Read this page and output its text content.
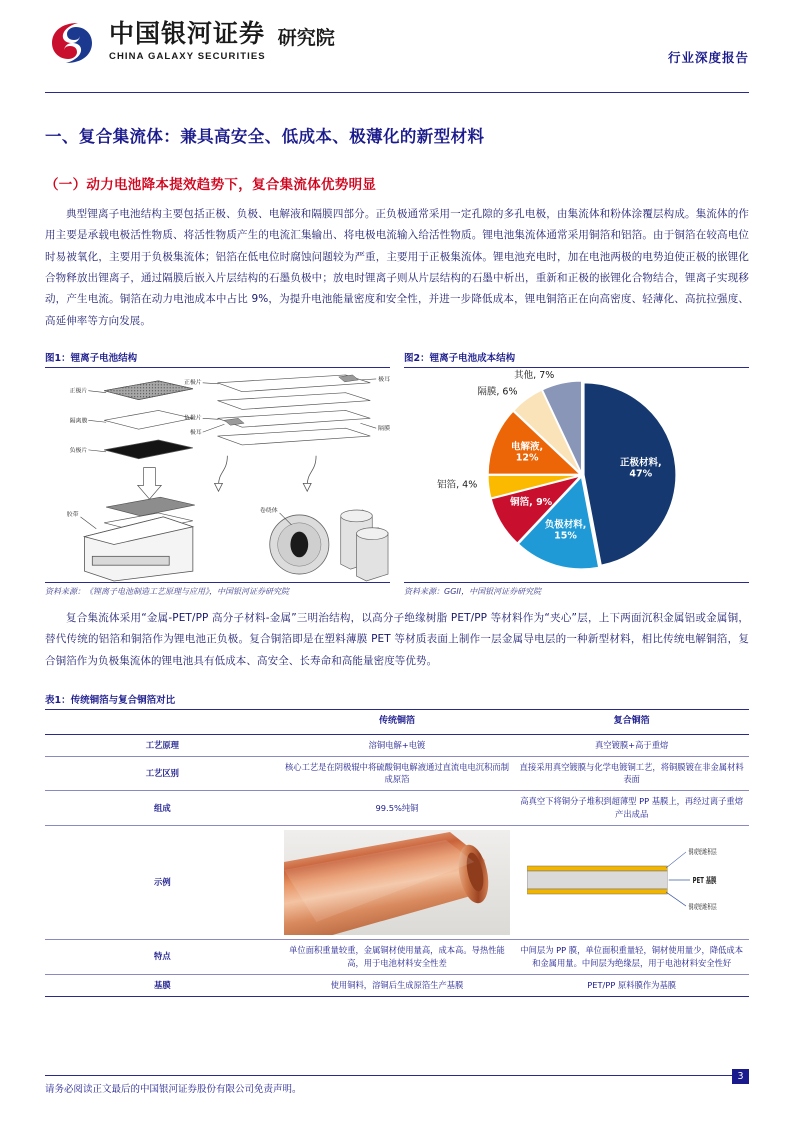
中国银河证券
CHINA GALAXY SECURITIES
研究院
行业深度报告
一、复合集流体：兼具高安全、低成本、极薄化的新型材料
（一）动力电池降本提效趋势下，复合集流体优势明显

典型锂离子电池结构主要包括正极、负极、电解液和隔膜四部分。正负极通常采用一定孔隙的多孔电极，由集流体和粉体涂覆层构成。集流体的作用主要是承载电极活性物质、将活性物质产生的电流汇集输出、将电极电流输入给活性物质。锂电池集流体通常采用铜箔和铝箔。由于铜箔在较高电位时易被氧化，主要用于负极集流体；铝箔在低电位时腐蚀问题较为严重，主要用于正极集流体。锂电池充电时，加在电池两极的电势迫使正极的嵌锂化合物释放出锂离子，通过隔膜后嵌入片层结构的石墨负极中；放电时锂离子则从片层结构的石墨中析出，重新和正极的嵌锂化合物结合，锂离子实现移动，产生电流。铜箔在动力电池成本中占比 9%，为提升电池能量密度和安全性，并进一步降低成本，锂电铜箔正在向高密度、轻薄化、高抗拉强度、高延伸率等方向发展。

图1：锂离子电池结构
正极片
隔离膜
负极片
正极片
负极片
极耳
极耳
隔膜
胶带
卷绕体
资料来源：《锂离子电池制造工艺原理与应用》，中国银河证券研究院
图2：锂离子电池成本结构
正极材料,
47%
负极材料,
15%
铜箔, 9%
铝箔, 4%
电解液,
12%
隔膜, 6%
其他, 7%
资料来源：GGII，中国银河证券研究院

复合集流体采用“金属-PET/PP 高分子材料-金属”三明治结构，以高分子绝缘树脂 PET/PP 等材料作为“夹心”层，上下两面沉积金属铝或金属铜，替代传统的铝箔和铜箔作为锂电池正负极。复合铜箔即是在塑料薄膜 PET 等材质表面上制作一层金属导电层的一种新型材料，相比传统电解铜箔，复合铜箔作为负极集流体的锂电池具有低成本、高安全、长寿命和高能量密度等优势。

表1：传统铜箔与复合铜箔对比
	传统铜箔	复合铜箔
工艺原理	溶铜电解+电镀	真空镀膜+高于重熔
工艺区别	核心工艺是在阴极辊中将硫酸铜电解液通过直流电电沉积而制成原箔	直接采用真空镀膜与化学电镀铜工艺，将铜膜镀在非金属材料表面
组成	99.5%纯铜	高真空下将铜分子堆积到超薄型 PP 基膜上，再经过离子重熔产出成品
示例		铜或铝堆积层
PET 基膜
铜或铝堆积层

特点	单位面积重量较重，金属铜材使用量高，成本高。导热性能高，用于电池材料安全性差	中间层为 PP 膜，单位面积重量轻，铜材使用量少，降低成本和金属用量。中间层为绝缘层，用于电池材料安全性好
基膜	使用铜料，溶铜后生成原箔生产基膜	PET/PP 原料膜作为基膜
请务必阅读正文最后的中国银河证券股份有限公司免责声明。
3
